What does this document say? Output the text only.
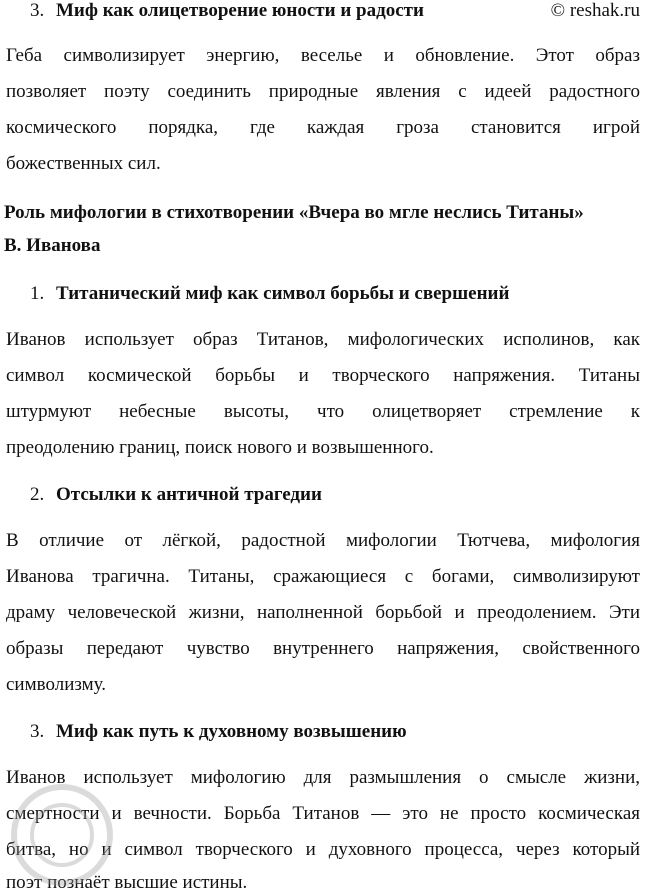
3. Миф как олицетворение юности и радости	© reshak.ru
Геба символизирует энергию, веселье и обновление. Этот образ
позволяет поэту соединить природные явления с идеей радостного
космического порядка, где каждая гроза становится игрой
божественных сил.
Роль мифологии в стихотворении «Вчера во мгле неслись Титаны»
В. Иванова
1. Титанический миф как символ борьбы и свершений
Иванов использует образ Титанов, мифологических исполинов, как
символ космической борьбы и творческого напряжения. Титаны
штурмуют небесные высоты, что олицетворяет стремление к
преодолению границ, поиск нового и возвышенного.
2. Отсылки к античной трагедии
В отличие от лёгкой, радостной мифологии Тютчева, мифология
Иванова трагична. Титаны, сражающиеся с богами, символизируют
драму человеческой жизни, наполненной борьбой и преодолением. Эти
образы передают чувство внутреннего напряжения, свойственного
символизму.
3. Миф как путь к духовному возвышению
Иванов использует мифологию для размышления о смысле жизни,
смертности и вечности. Борьба Титанов — это не просто космическая
битва, но и символ творческого и духовного процесса, через который
поэт познаёт высшие истины.
